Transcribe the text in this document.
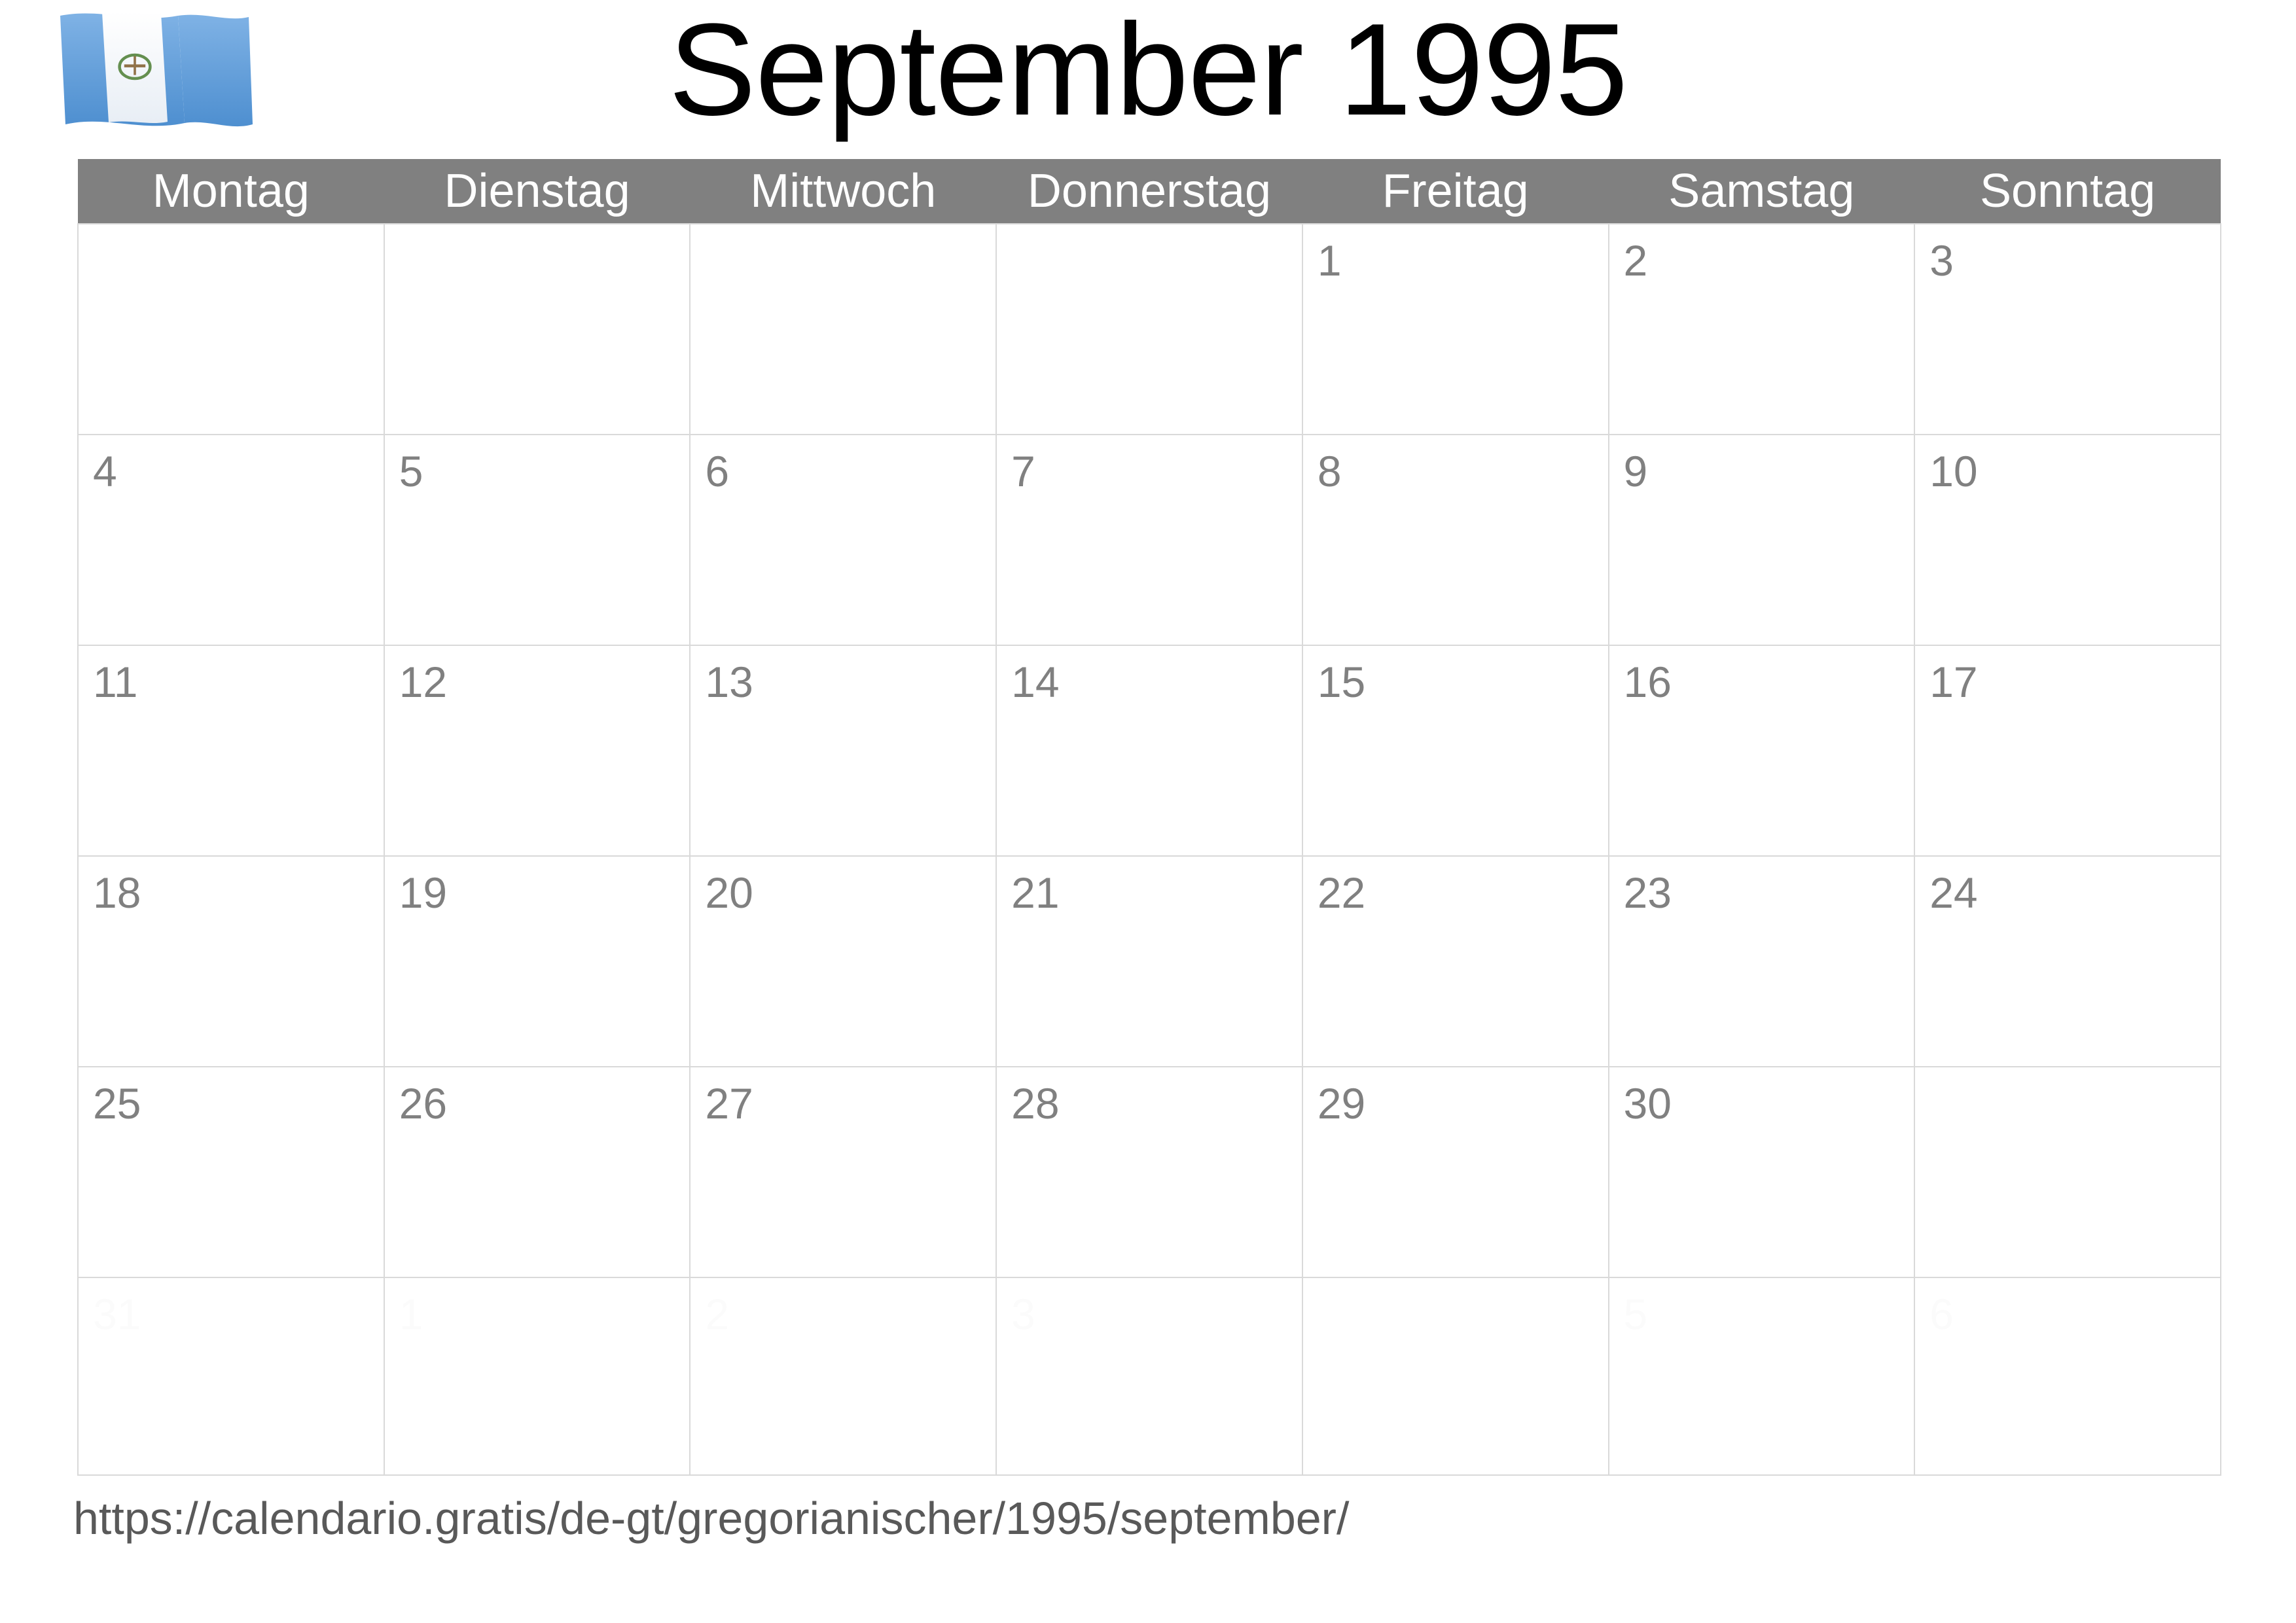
September 1995
Montag	Dienstag	Mittwoch	Donnerstag	Freitag	Samstag	Sonntag

				1	2	3

4	5	6	7	8	9	10

11	12	13	14	15	16	17

18	19	20	21	22	23	24

25	26	27	28	29	30	

31	1	2	3		5	6
https://calendario.gratis/de-gt/gregorianischer/1995/september/
